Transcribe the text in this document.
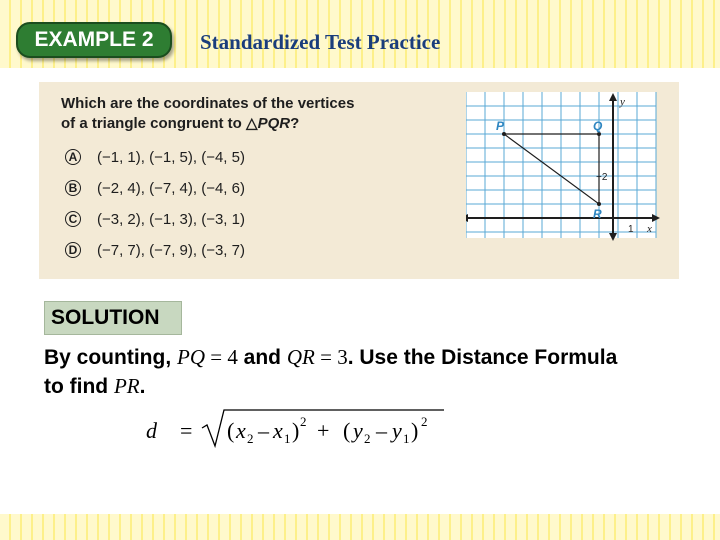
EXAMPLE 2	Standardized Test Practice
Which are the coordinates of the vertices
of a triangle congruent to △PQR?
A (−1, 1), (−1, 5), (−4, 5)
B (−2, 4), (−7, 4), (−4, 6)
C (−3, 2), (−1, 3), (−3, 1)
D (−7, 7), (−7, 9), (−3, 7)
y
x
1
−2
P	Q
R
SOLUTION
By counting, PQ = 4 and QR = 3. Use the Distance Formula
to find PR.
d = ( x 2 – x 1 ) 2 + ( y 2 – y 1 ) 2
